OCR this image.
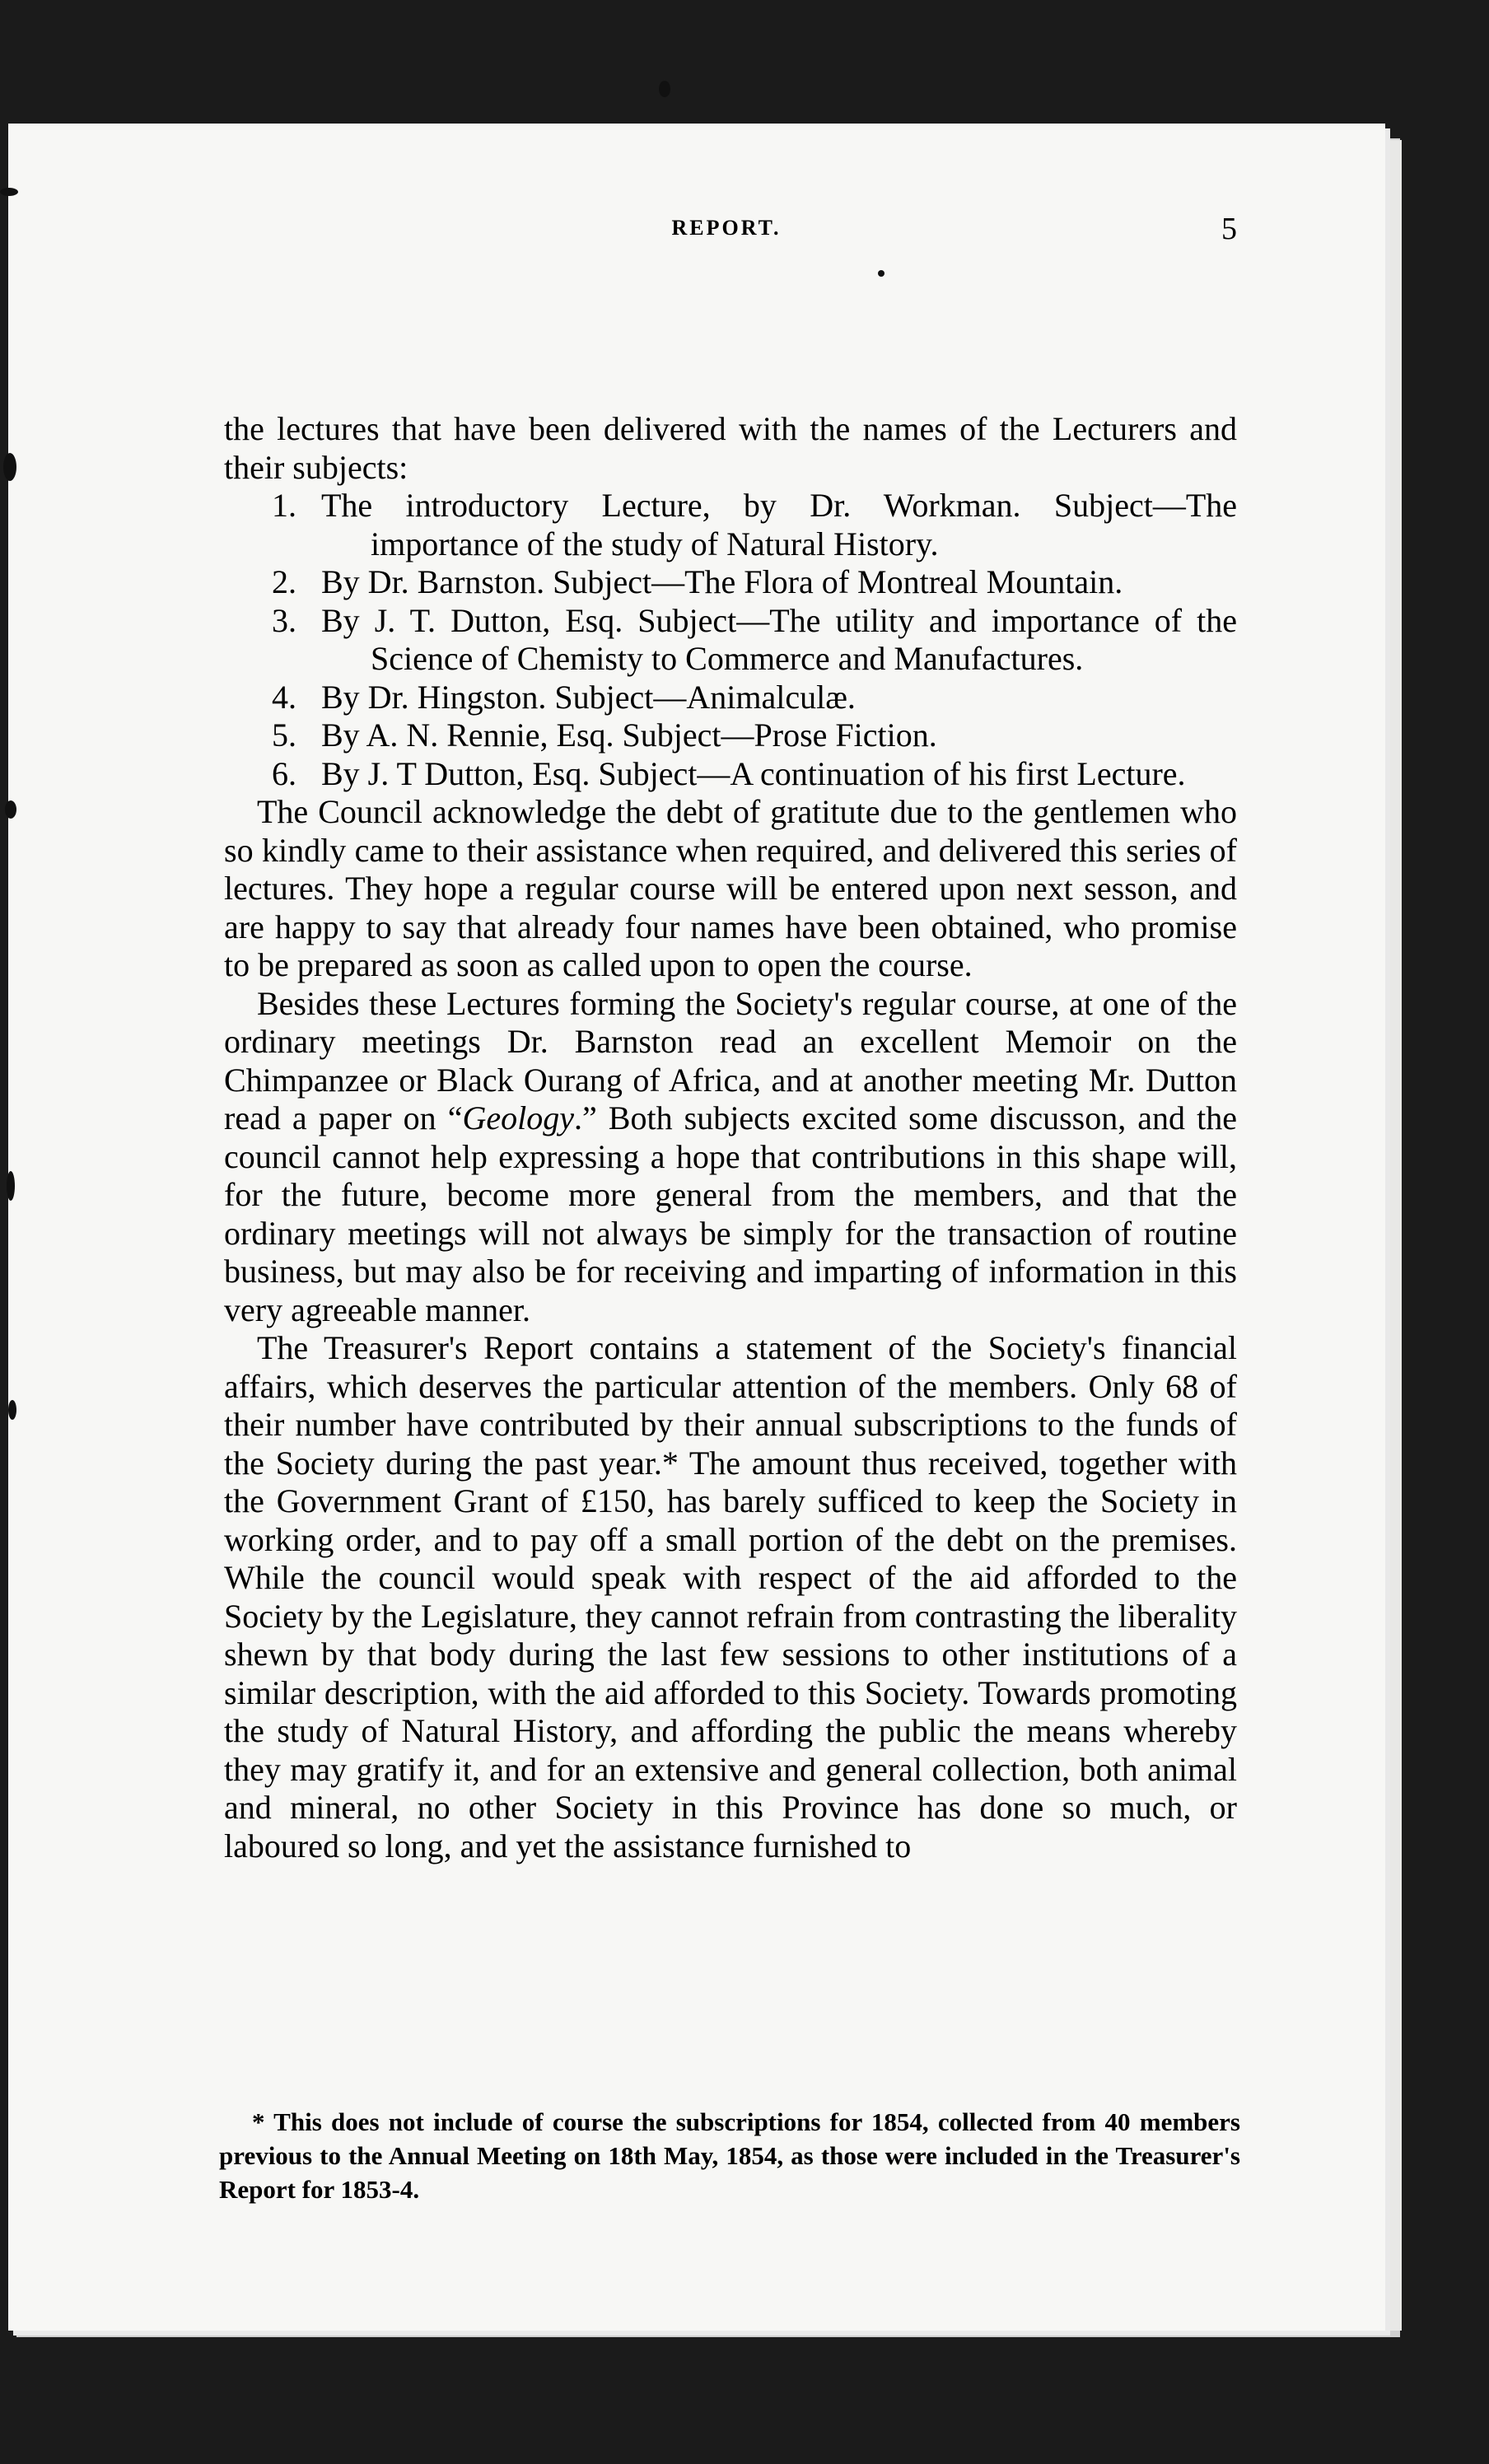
REPORT.	5

the lectures that have been delivered with the names of the Lecturers and their subjects:

1. The introductory Lecture, by Dr. Workman. Subject—The importance of the study of Natural History.

2. By Dr. Barnston. Subject—The Flora of Montreal Mountain.

3. By J. T. Dutton, Esq. Subject—The utility and importance of the Science of Chemisty to Commerce and Manufactures.

4. By Dr. Hingston. Subject—Animalculæ.

5. By A. N. Rennie, Esq. Subject—Prose Fiction.

6. By J. T Dutton, Esq. Subject—A continuation of his first Lecture.

The Council acknowledge the debt of gratitute due to the gentlemen who so kindly came to their assistance when required, and delivered this series of lectures. They hope a regular course will be entered upon next sesson, and are happy to say that already four names have been obtained, who promise to be prepared as soon as called upon to open the course.

Besides these Lectures forming the Society's regular course, at one of the ordinary meetings Dr. Barnston read an excellent Memoir on the Chimpanzee or Black Ourang of Africa, and at another meeting Mr. Dutton read a paper on “Geology.” Both subjects excited some discusson, and the council cannot help expressing a hope that contributions in this shape will, for the future, become more general from the members, and that the ordinary meetings will not always be simply for the transaction of routine business, but may also be for receiving and imparting of information in this very agreeable manner.

The Treasurer's Report contains a statement of the Society's financial affairs, which deserves the particular attention of the members. Only 68 of their number have contributed by their annual subscriptions to the funds of the Society during the past year.* The amount thus received, together with the Government Grant of £150, has barely sufficed to keep the Society in working order, and to pay off a small portion of the debt on the premises. While the council would speak with respect of the aid afforded to the Society by the Legislature, they cannot refrain from contrasting the liberality shewn by that body during the last few sessions to other institutions of a similar description, with the aid afforded to this Society. Towards promoting the study of Natural History, and affording the public the means whereby they may gratify it, and for an extensive and general collection, both animal and mineral, no other Society in this Province has done so much, or laboured so long, and yet the assistance furnished to

* This does not include of course the subscriptions for 1854, collected from 40 members previous to the Annual Meeting on 18th May, 1854, as those were included in the Treasurer's Report for 1853-4.
